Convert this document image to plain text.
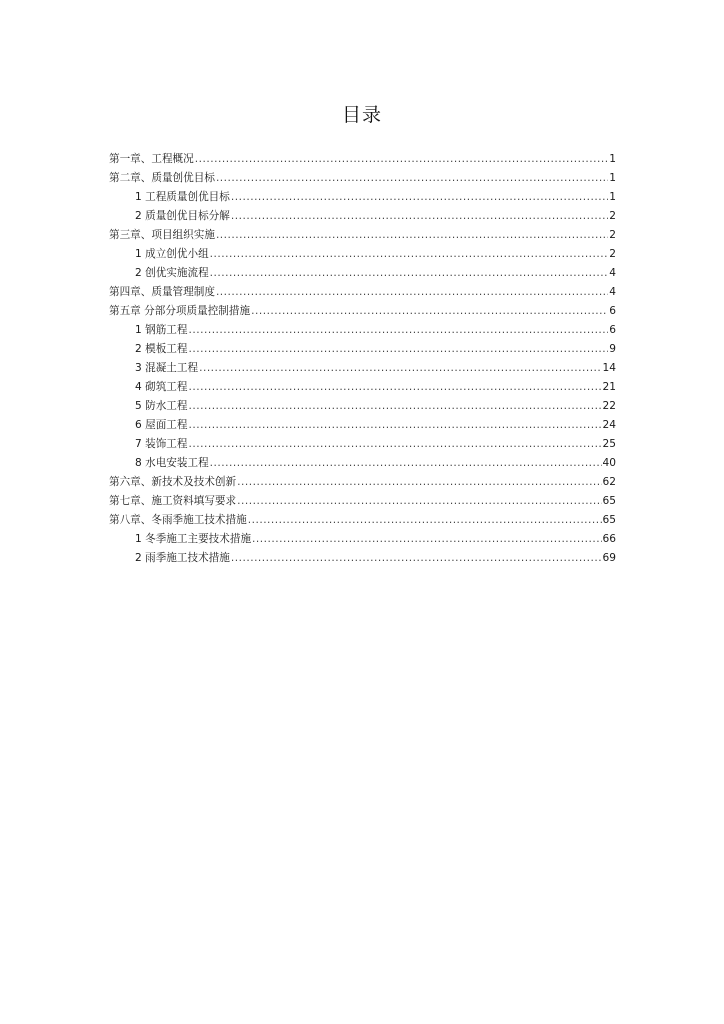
目录
第一章、工程概况 .....	1
第二章、质量创优目标 .....	1
1 工程质量创优目标 .....	1
2 质量创优目标分解 .....	2
第三章、项目组织实施 .....	2
1 成立创优小组 .....	2
2 创优实施流程 .....	4
第四章、质量管理制度 .....	4
第五章 分部分项质量控制措施 .....	6
1 钢筋工程 .....	6
2 模板工程 .....	9
3 混凝土工程 .....	14
4 砌筑工程 .....	21
5 防水工程 .....	22
6 屋面工程 .....	24
7 装饰工程 .....	25
8 水电安装工程 .....	40
第六章、新技术及技术创新 .....	62
第七章、施工资料填写要求 .....	65
第八章、冬雨季施工技术措施 .....	65
1 冬季施工主要技术措施 .....	66
2 雨季施工技术措施 .....	69
